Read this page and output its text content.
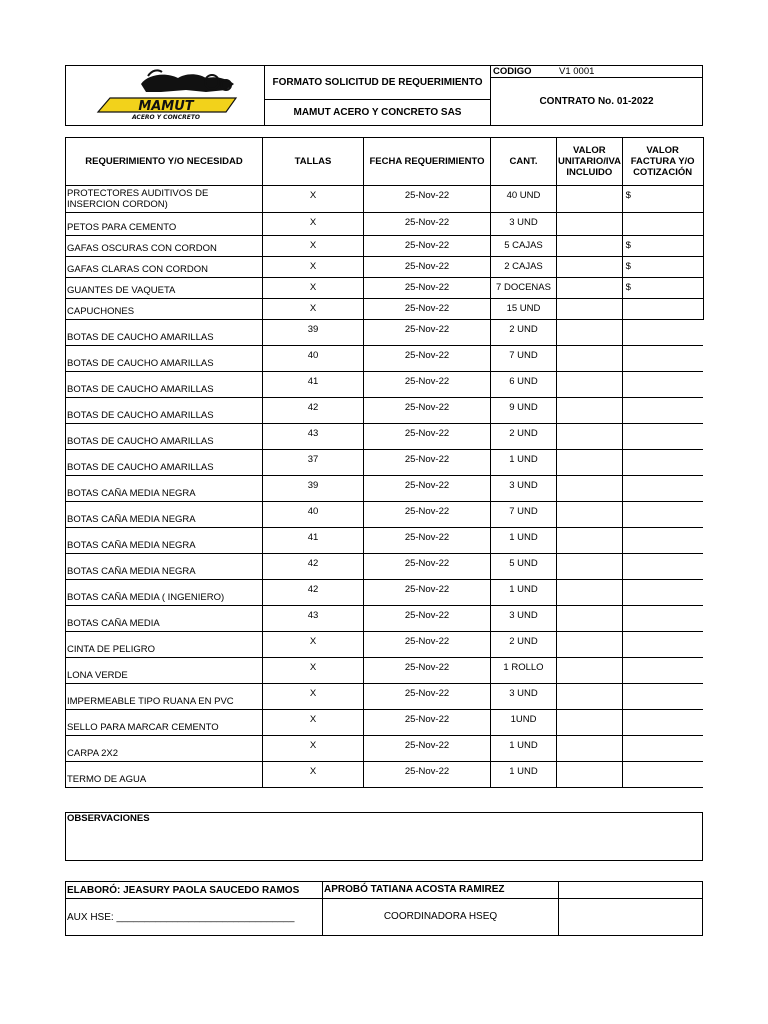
MAMUT
ACERO Y CONCRETO
FORMATO SOLICITUD DE REQUERIMIENTO
MAMUT ACERO Y CONCRETO SAS
CODIGO	V1 0001
CONTRATO No. 01-2022
REQUERIMIENTO Y/O NECESIDAD	TALLAS	FECHA REQUERIMIENTO	CANT.	VALOR UNITARIO/IVA INCLUIDO	VALOR FACTURA Y/O COTIZACIÓN
PROTECTORES AUDITIVOS DE INSERCION CORDON)	X	25-Nov-22	40 UND		$
PETOS PARA CEMENTO	X	25-Nov-22	3 UND		
GAFAS OSCURAS CON CORDON	X	25-Nov-22	5 CAJAS		$
GAFAS CLARAS CON CORDON	X	25-Nov-22	2 CAJAS		$
GUANTES DE VAQUETA	X	25-Nov-22	7 DOCENAS		$
CAPUCHONES	X	25-Nov-22	15 UND		
BOTAS DE CAUCHO AMARILLAS	39	25-Nov-22	2 UND		
BOTAS DE CAUCHO AMARILLAS	40	25-Nov-22	7 UND		
BOTAS DE CAUCHO AMARILLAS	41	25-Nov-22	6 UND		
BOTAS DE CAUCHO AMARILLAS	42	25-Nov-22	9 UND		
BOTAS DE CAUCHO AMARILLAS	43	25-Nov-22	2 UND		
BOTAS DE CAUCHO AMARILLAS	37	25-Nov-22	1 UND		
BOTAS CAÑA MEDIA NEGRA	39	25-Nov-22	3 UND		
BOTAS CAÑA MEDIA NEGRA	40	25-Nov-22	7 UND		
BOTAS CAÑA MEDIA NEGRA	41	25-Nov-22	1 UND		
BOTAS CAÑA MEDIA NEGRA	42	25-Nov-22	5 UND		
BOTAS CAÑA MEDIA ( INGENIERO)	42	25-Nov-22	1 UND		
BOTAS CAÑA MEDIA	43	25-Nov-22	3 UND		
CINTA DE PELIGRO	X	25-Nov-22	2 UND		
LONA VERDE	X	25-Nov-22	1 ROLLO		
IMPERMEABLE TIPO RUANA EN PVC	X	25-Nov-22	3 UND		
SELLO PARA MARCAR CEMENTO	X	25-Nov-22	1UND		
CARPA 2X2	X	25-Nov-22	1 UND		
TERMO DE AGUA	X	25-Nov-22	1 UND		
OBSERVACIONES
ELABORÓ: JEASURY PAOLA SAUCEDO RAMOS APROBÓ TATIANA ACOSTA RAMIREZ
AUX HSE: ________________________________	COORDINADORA HSEQ
